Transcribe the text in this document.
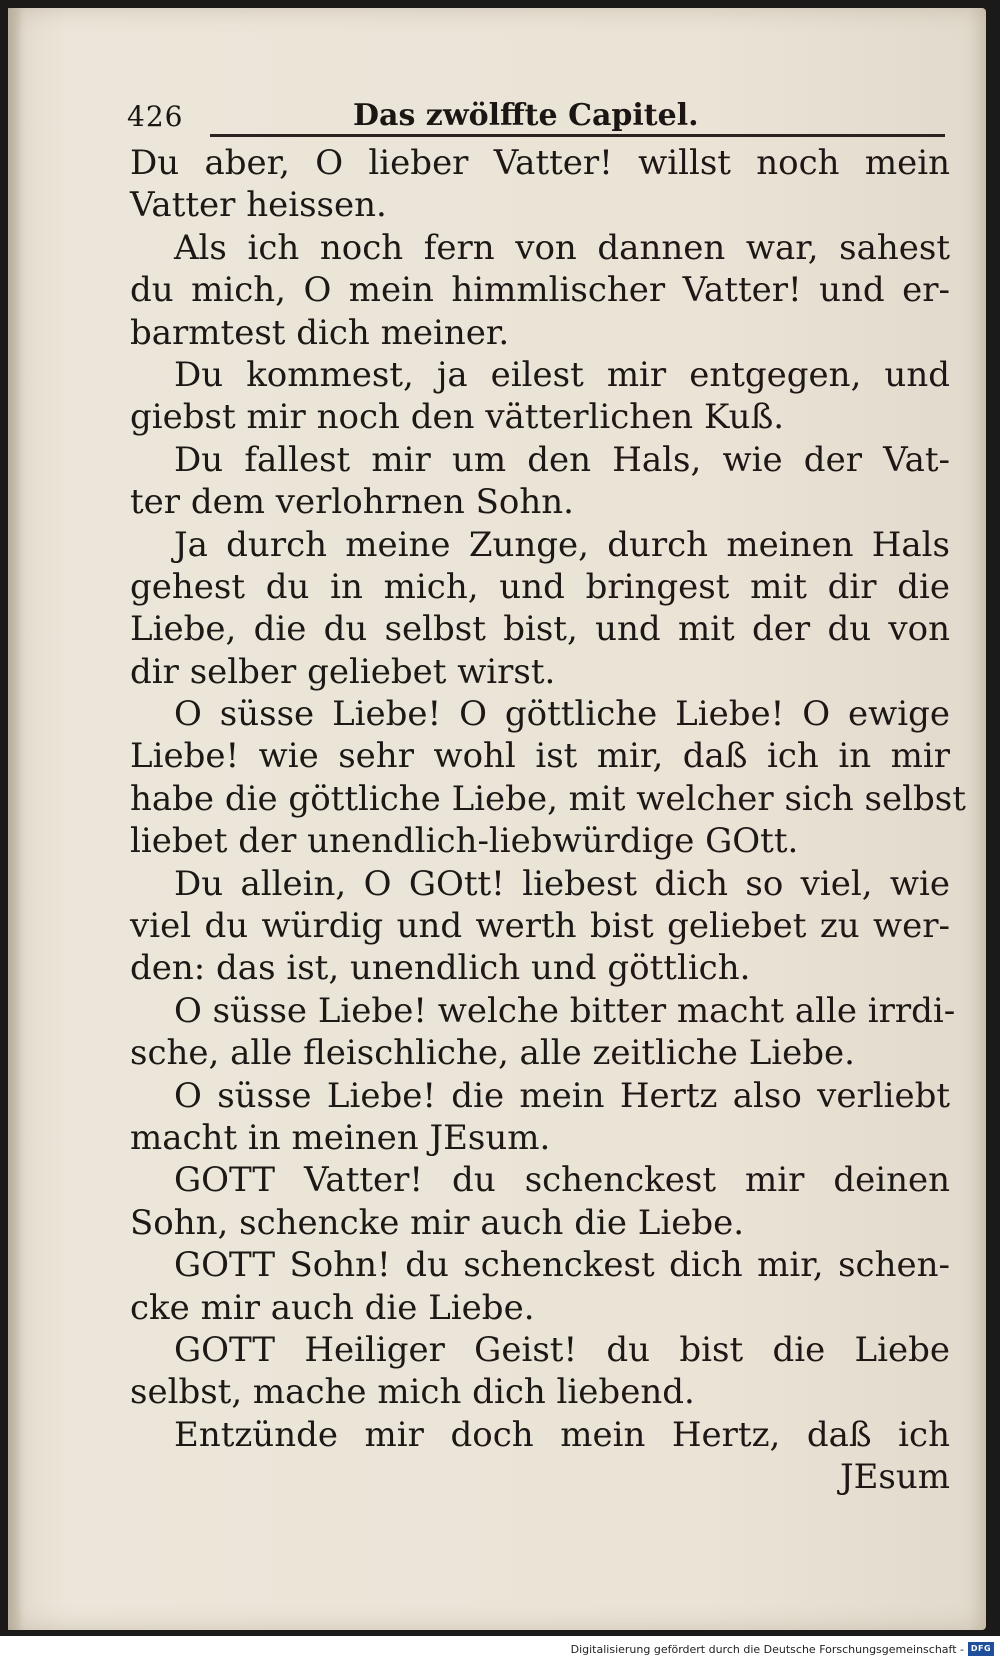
426	Das zwölffte Capitel.
Du aber, O lieber Vatter! willst noch mein
Vatter heissen.
Als ich noch fern von dannen war, sahest
du mich, O mein himmlischer Vatter! und er-
barmtest dich meiner.
Du kommest, ja eilest mir entgegen, und
giebst mir noch den vätterlichen Kuß.
Du fallest mir um den Hals, wie der Vat-
ter dem verlohrnen Sohn.
Ja durch meine Zunge, durch meinen Hals
gehest du in mich, und bringest mit dir die
Liebe, die du selbst bist, und mit der du von
dir selber geliebet wirst.
O süsse Liebe! O göttliche Liebe! O ewige
Liebe! wie sehr wohl ist mir, daß ich in mir
habe die göttliche Liebe, mit welcher sich selbst
liebet der unendlich-liebwürdige GOtt.
Du allein, O GOtt! liebest dich so viel, wie
viel du würdig und werth bist geliebet zu wer-
den: das ist, unendlich und göttlich.
O süsse Liebe! welche bitter macht alle irrdi-
sche, alle fleischliche, alle zeitliche Liebe.
O süsse Liebe! die mein Hertz also verliebt
macht in meinen JEsum.
GOTT Vatter! du schenckest mir deinen
Sohn, schencke mir auch die Liebe.
GOTT Sohn! du schenckest dich mir, schen-
cke mir auch die Liebe.
GOTT Heiliger Geist! du bist die Liebe
selbst, mache mich dich liebend.
Entzünde mir doch mein Hertz, daß ich
JEsum
Digitalisierung gefördert durch die Deutsche Forschungsgemeinschaft - DFG
